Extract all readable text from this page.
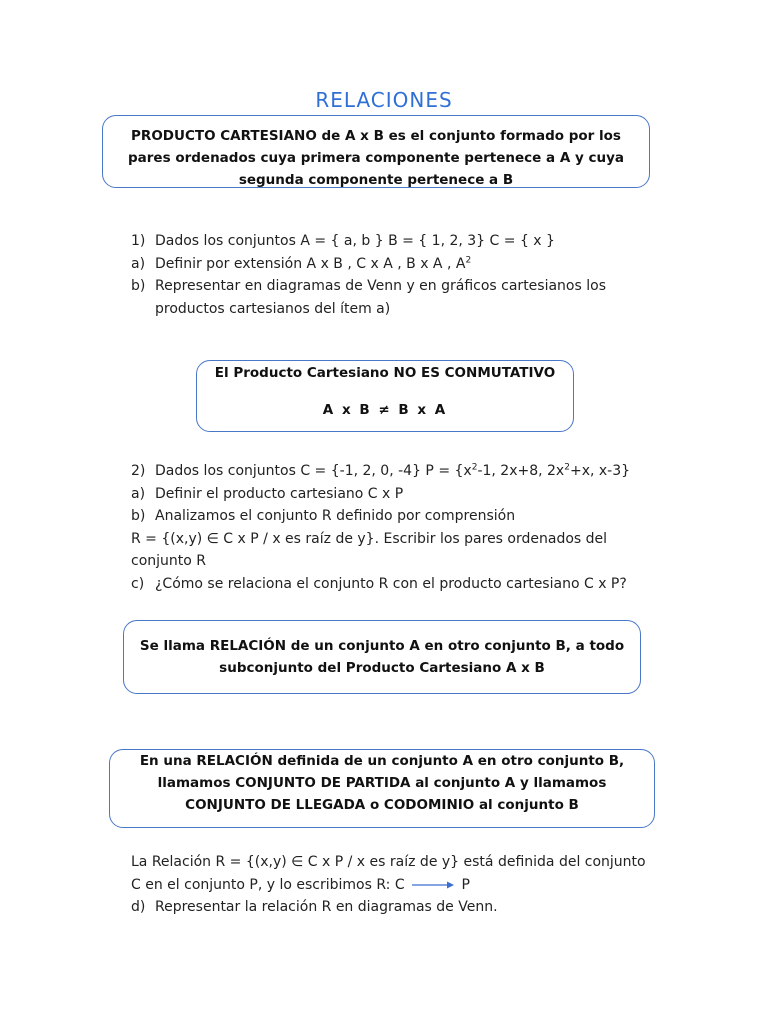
RELACIONES

PRODUCTO CARTESIANO de A x B es el conjunto formado por los

pares ordenados cuya primera componente pertenece a A y cuya

segunda componente pertenece a B

1) Dados los conjuntos A = { a, b } B = { 1, 2, 3} C = { x }
a) Definir por extensión A x B , C x A , B x A , $A^2$
b) Representar en diagramas de Venn y en gráficos cartesianos los
productos cartesianos del ítem a)

El Producto Cartesiano NO ES CONMUTATIVO

A x B ≠ B x A

2) Dados los conjuntos C = {-1, 2, 0, -4} $P = \{x^2-1$, 2x+8, $2x^2+x$, x-3}
a) Definir el producto cartesiano C x P
b) Analizamos el conjunto R definido por comprensión
R = {(x,y) ∈ C x P / x es raíz de y}. Escribir los pares ordenados del
conjunto R
c) ¿Cómo se relaciona el conjunto R con el producto cartesiano C x P?

Se llama RELACIÓN de un conjunto A en otro conjunto B, a todo

subconjunto del Producto Cartesiano A x B

En una RELACIÓN definida de un conjunto A en otro conjunto B,

llamamos CONJUNTO DE PARTIDA al conjunto A y llamamos

CONJUNTO DE LLEGADA o CODOMINIO al conjunto B

La Relación R = {(x,y) ∈ C x P / x es raíz de y} está definida del conjunto
C en el conjunto P, y lo escribimos R: C	P
d) Representar la relación R en diagramas de Venn.
